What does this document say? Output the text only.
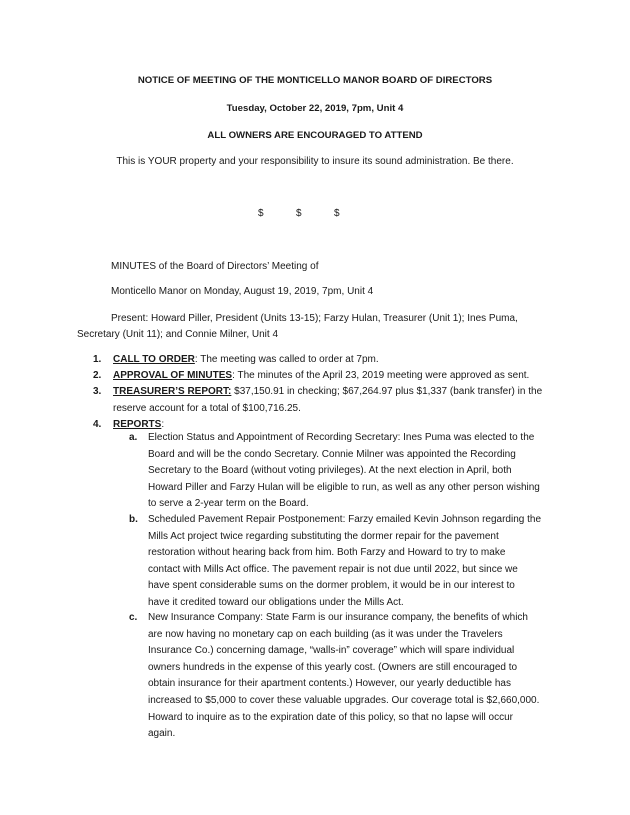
NOTICE OF MEETING OF THE MONTICELLO MANOR BOARD OF DIRECTORS
Tuesday, October 22, 2019, 7pm, Unit 4
ALL OWNERS ARE ENCOURAGED TO ATTEND
This is YOUR property and your responsibility to insure its sound administration. Be there.
$	$	$
MINUTES of the Board of Directors’ Meeting of
Monticello Manor on Monday, August 19, 2019, 7pm, Unit 4
Present: Howard Piller, President (Units 13-15); Farzy Hulan, Treasurer (Unit 1); Ines Puma,
Secretary (Unit 11); and Connie Milner, Unit 4
1. CALL TO ORDER: The meeting was called to order at 7pm.
2. APPROVAL OF MINUTES: The minutes of the April 23, 2019 meeting were approved as sent.
3. TREASURER’S REPORT: $37,150.91 in checking; $67,264.97 plus $1,337 (bank transfer) in the
reserve account for a total of $100,716.25.
4. REPORTS:
a. Election Status and Appointment of Recording Secretary: Ines Puma was elected to the
Board and will be the condo Secretary. Connie Milner was appointed the Recording
Secretary to the Board (without voting privileges). At the next election in April, both
Howard Piller and Farzy Hulan will be eligible to run, as well as any other person wishing
to serve a 2-year term on the Board.
b. Scheduled Pavement Repair Postponement: Farzy emailed Kevin Johnson regarding the
Mills Act project twice regarding substituting the dormer repair for the pavement
restoration without hearing back from him. Both Farzy and Howard to try to make
contact with Mills Act office. The pavement repair is not due until 2022, but since we
have spent considerable sums on the dormer problem, it would be in our interest to
have it credited toward our obligations under the Mills Act.
c. New Insurance Company: State Farm is our insurance company, the benefits of which
are now having no monetary cap on each building (as it was under the Travelers
Insurance Co.) concerning damage, “walls-in” coverage” which will spare individual
owners hundreds in the expense of this yearly cost. (Owners are still encouraged to
obtain insurance for their apartment contents.) However, our yearly deductible has
increased to $5,000 to cover these valuable upgrades. Our coverage total is $2,660,000.
Howard to inquire as to the expiration date of this policy, so that no lapse will occur
again.
